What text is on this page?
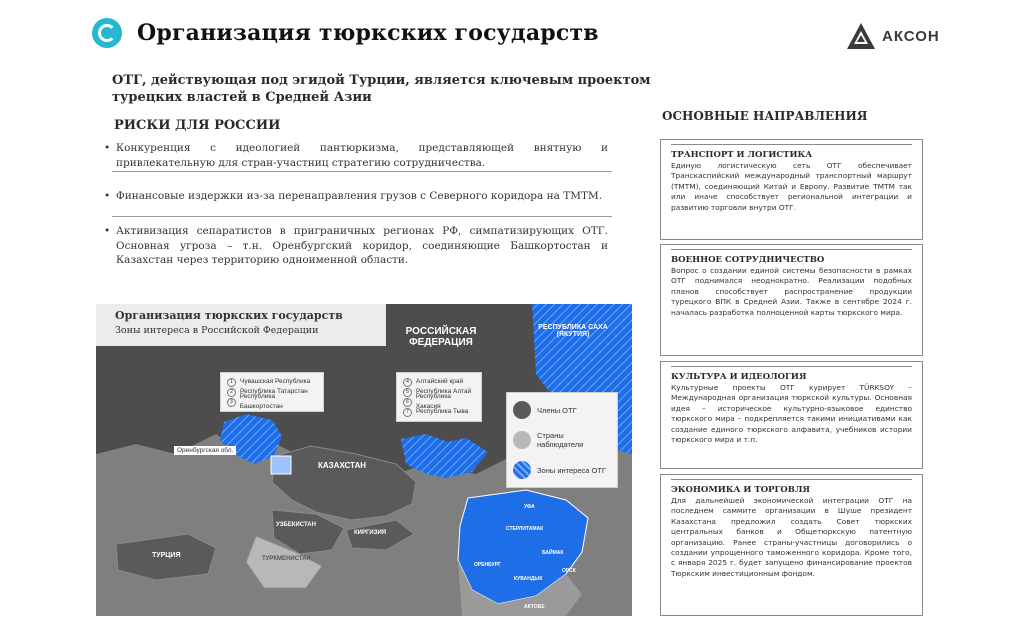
Организация тюркских государств	АКСОН
ОТГ, действующая под эгидой Турции, является ключевым проектом турецких властей в Средней Азии
РИСКИ ДЛЯ РОССИИ
• Конкуренция с идеологией пантюркизма, представляющей внятную и привлекательную для стран-участниц стратегию сотрудничества.
• Финансовые издержки из-за перенаправления грузов с Северного коридора на ТМТМ.
• Активизация сепаратистов в приграничных регионах РФ, симпатизирующих ОТГ. Основная угроза – т.н. Оренбургский коридор, соединяющие Башкортостан и Казахстан через территорию одноименной области.
Организация тюркских государств
Зоны интереса в Российской Федерации	РОССИЙСКАЯ ФЕДЕРАЦИЯ
РЕСПУБЛИКА САХА (ЯКУТИЯ)
КАЗАХСТАН
УЗБЕКИСТАН
ТУРКМЕНИСТАН
КИРГИЗИЯ
ТУРЦИЯ
1	Чувашская Республика
2	Республика Татарстан
3
Республика Башкортостан
4	Алтайский край
5	Республика Алтай
6
Республика Хакасия
7	Республика Тыва
Оренбургская обл.
Члены ОТГ
Страны наблюдатели
Зоны интереса ОТГ
УФА
СТЕРЛИТАМАК
БАЙМАК
ОРЕНБУРГ
КУВАНДЫК
ОРСК
АКТОБЕ
ОСНОВНЫЕ НАПРАВЛЕНИЯ
ТРАНСПОРТ И ЛОГИСТИКА
Единую логистическую сеть ОТГ обеспечивает Транскаспийский международный транспортный маршрут (ТМТМ), соединяющий Китай и Европу. Развитие ТМТМ так или иначе способствует региональной интеграции и развитию торговли внутри ОТГ.
ВОЕННОЕ СОТРУДНИЧЕСТВО
Вопрос о создании единой системы безопасности в рамках ОТГ поднимался неоднократно. Реализации подобных планов способствует распространение продукции турецкого ВПК в Средней Азии. Также в сентябре 2024 г. началась разработка полноценной карты тюркского мира.
КУЛЬТУРА И ИДЕОЛОГИЯ
Культурные проекты ОТГ курирует TÜRKSOY – Международная организация тюркской культуры. Основная идея – историческое культурно-языковое единство тюркского мира – подкрепляется такими инициативами как создание единого тюркского алфавита, учебников истории тюркского мира и т.п.
ЭКОНОМИКА И ТОРГОВЛЯ
Для дальнейшей экономической интеграции ОТГ на последнем саммите организации в Шуше президент Казахстана предложил создать Совет тюркских центральных банков и Общетюркскую патентную организацию. Ранее страны-участницы договорились о создании упрощенного таможенного коридора. Кроме того, с января 2025 г. будет запущено финансирование проектов Тюркским инвестиционным фондом.
